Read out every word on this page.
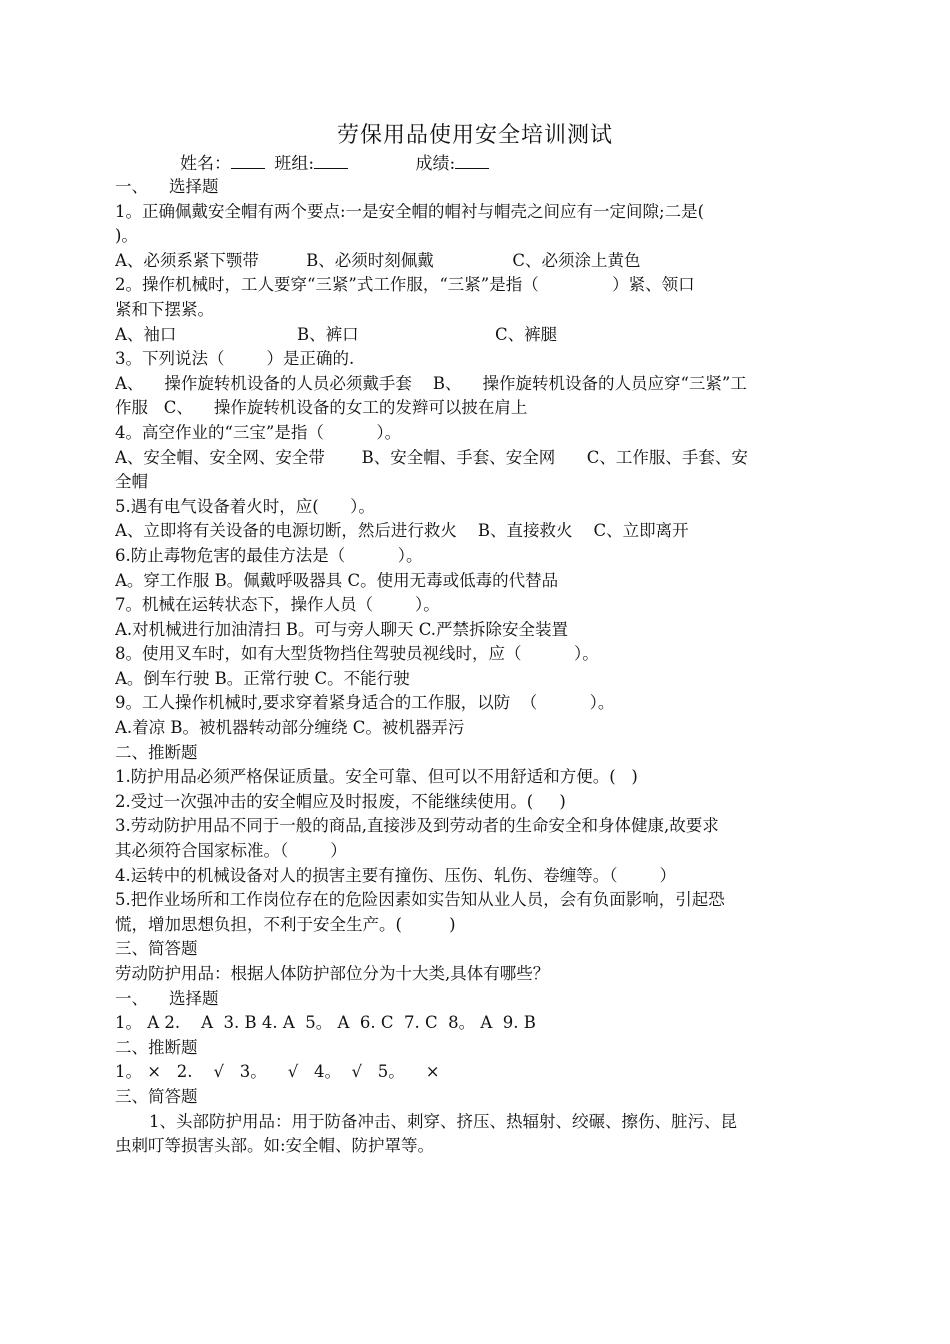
劳保用品使用安全培训测试
姓名：	班组:	成绩:
一、    选择题
1。正确佩戴安全帽有两个要点:一是安全帽的帽衬与帽壳之间应有一定间隙;二是(
)。
A、必须系紧下颚带         B、必须时刻佩戴               C、必须涂上黄色
2。操作机械时，工人要穿“三紧”式工作服，“三紧”是指（              ）紧、领口
紧和下摆紧。
A、袖口                       B、裤口                          C、裤腿
3。下列说法（        ）是正确的.
A、    操作旋转机设备的人员必须戴手套    B、    操作旋转机设备的人员应穿“三紧”工
作服   C、    操作旋转机设备的女工的发辫可以披在肩上
4。高空作业的“三宝”是指（          ）。
A、安全帽、安全网、安全带       B、安全帽、手套、安全网      C、工作服、手套、安
全帽
5.遇有电气设备着火时，应(      ）。
A、立即将有关设备的电源切断，然后进行救火    B、直接救火    C、立即离开
6.防止毒物危害的最佳方法是（          ）。
A。穿工作服 B。佩戴呼吸器具 C。使用无毒或低毒的代替品
7。机械在运转状态下，操作人员（        ）。
A.对机械进行加油清扫 B。可与旁人聊天 C.严禁拆除安全装置
8。使用叉车时，如有大型货物挡住驾驶员视线时，应（          ）。
A。倒车行驶 B。正常行驶 C。不能行驶
9。工人操作机械时,要求穿着紧身适合的工作服，以防  （          ）。
A.着凉 B。被机器转动部分缠绕 C。被机器弄污
二、推断题
1.防护用品必须严格保证质量。安全可靠、但可以不用舒适和方便。(   )
2.受过一次强冲击的安全帽应及时报废，不能继续使用。(     )
3.劳动防护用品不同于一般的商品,直接涉及到劳动者的生命安全和身体健康,故要求
其必须符合国家标准。（        ）
4.运转中的机械设备对人的损害主要有撞伤、压伤、轧伤、卷缠等。（        ）
5.把作业场所和工作岗位存在的危险因素如实告知从业人员，会有负面影响，引起恐
慌，增加思想负担，不利于安全生产。(         )
三、简答题
劳动防护用品：根据人体防护部位分为十大类,具体有哪些？
一、    选择题
1。 A 2.    A  3. B 4. A  5。 A  6. C  7. C  8。 A  9. B
二、推断题
1。 ×   2.    √   3。    √   4。  √   5。    ×
三、简答题
1、头部防护用品：用于防备冲击、刺穿、挤压、热辐射、绞碾、擦伤、脏污、昆
虫刺叮等损害头部。如:安全帽、防护罩等。
